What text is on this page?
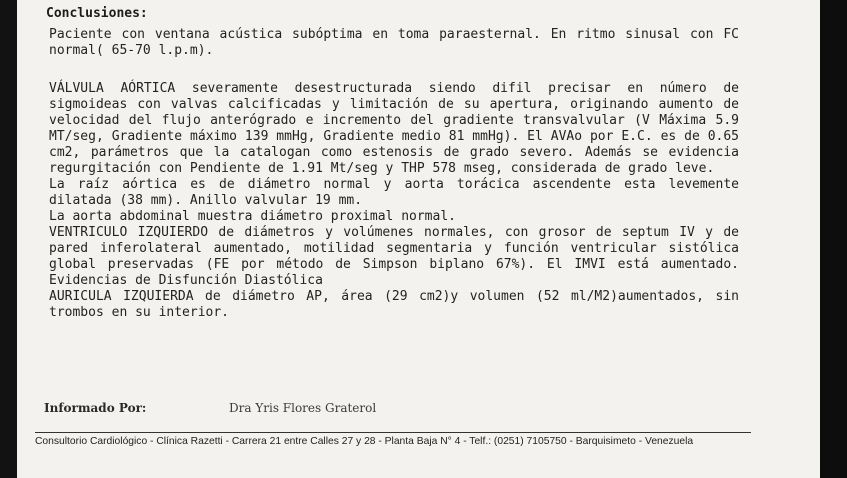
Conclusiones:

Paciente con ventana acústica subóptima en toma paraesternal. En ritmo sinusal con FC normal( 65-70 l.p.m).

VÁLVULA AÓRTICA severamente desestructurada siendo difil precisar en número de sigmoideas con valvas calcificadas y limitación de su apertura, originando aumento de velocidad del flujo anterógrado e incremento del gradiente transvalvular (V Máxima 5.9 MT/seg, Gradiente máximo 139 mmHg, Gradiente medio 81 mmHg). El AVAo por E.C. es de 0.65 cm2, parámetros que la catalogan como estenosis de grado severo. Además se evidencia regurgitación con Pendiente de 1.91 Mt/seg y THP 578 mseg, considerada de grado leve.

La raíz aórtica es de diámetro normal y aorta torácica ascendente esta levemente dilatada (38 mm). Anillo valvular 19 mm.

La aorta abdominal muestra diámetro proximal normal.

VENTRICULO IZQUIERDO de diámetros y volúmenes normales, con grosor de septum IV y de pared inferolateral aumentado, motilidad segmentaria y función ventricular sistólica global preservadas (FE por método de Simpson biplano 67%). El IMVI está aumentado. Evidencias de Disfunción Diastólica

AURICULA IZQUIERDA de diámetro AP, área (29 cm2)y volumen (52 ml/M2)aumentados, sin trombos en su interior.

Informado Por:	Dra Yris Flores Graterol
Consultorio Cardiológico - Clínica Razetti - Carrera 21 entre Calles 27 y 28 - Planta Baja N° 4 - Telf.: (0251) 7105750 - Barquisimeto - Venezuela
